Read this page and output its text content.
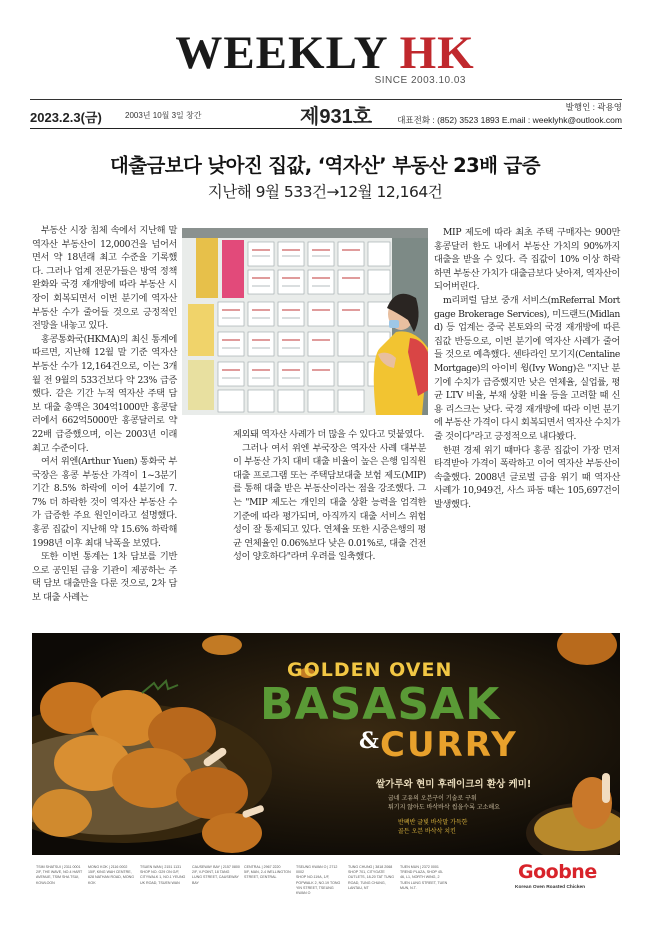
WEEKLY HK
SINCE 2003.10.03
2023.2.3(금)	2003년 10월 3일 창간	제931호	발행인 : 곽용영
대표전화 : (852) 3523 1893 E.mail : weeklyhk@outlook.com
대출금보다 낮아진 집값, ‘역자산’ 부동산 23배 급증
지난해 9월 533건→12월 12,164건

부동산 시장 침체 속에서 지난해 말 역자산 부동산이 12,000건을 넘어서면서 약 18년래 최고 수준을 기록했다. 그러나 업계 전문가들은 방역 정책 완화와 국경 재개방에 따라 부동산 시장이 회복되면서 이번 분기에 역자산 부동산 수가 줄어들 것으로 긍정적인 전망을 내놓고 있다.

홍콩통화국(HKMA)의 최신 통계에 따르면, 지난해 12월 말 기준 역자산 부동산 수가 12,164건으로, 이는 3개월 전 9월의 533건보다 약 23% 급증했다. 같은 기간 누적 역자산 주택 담보 대출 총액은 304억1000만 홍콩달러에서 662억5000만 홍콩달러로 약 22배 급증했으며, 이는 2003년 이래 최고 수준이다.

여서 위엔(Arthur Yuen) 통화국 부국장은 홍콩 부동산 가격이 1~3분기 기간 8.5% 하락에 이어 4분기에 7.7% 더 하락한 것이 역자산 부동산 수가 급증한 주요 원인이라고 설명했다. 홍콩 집값이 지난해 약 15.6% 하락해 1998년 이후 최대 낙폭을 보였다.

또한 이번 통계는 1차 담보를 기반으로 공인된 금융 기관이 제공하는 주택 담보 대출만을 다룬 것으로, 2차 담보 대출 사례는

제외돼 역자산 사례가 더 많을 수 있다고 덧붙였다.

그러나 여서 위엔 부국장은 역자산 사례 대부분이 부동산 가치 대비 대출 비율이 높은 은행 임직원 대출 프로그램 또는 주택담보대출 보험 제도(MIP)를 통해 대출 받은 부동산이라는 점을 강조했다. 그는 "MIP 제도는 개인의 대출 상환 능력을 엄격한 기준에 따라 평가되며, 아직까지 대출 서비스 위험성이 잘 통제되고 있다. 연체율 또한 시중은행의 평균 연체율인 0.06%보다 낮은 0.01%로, 대출 건전성이 양호하다"라며 우려를 일축했다.

MIP 제도에 따라 최초 주택 구매자는 900만 홍콩달러 한도 내에서 부동산 가치의 90%까지 대출을 받을 수 있다. 즉 집값이 10% 이상 하락하면 부동산 가치가 대출금보다 낮아져, 역자산이 되어버린다.

m리퍼럴 담보 중개 서비스(mReferral Mortgage Brokerage Services), 미드랜드(Midland) 등 업계는 중국 본토와의 국경 재개방에 따른 집값 반등으로, 이번 분기에 역자산 사례가 줄어들 것으로 예측했다. 센타라인 모기지(Centaline Mortgage)의 아이비 윙(Ivy Wong)은 "지난 분기에 수치가 급증했지만 낮은 연체율, 실업률, 평균 LTV 비율, 부채 상환 비율 등을 고려할 때 신용 리스크는 낮다. 국경 재개방에 따라 이번 분기에 부동산 가격이 다시 회복되면서 역자산 수치가 줄 것이다"라고 긍정적으로 내다봤다.

한편 경제 위기 때마다 홍콩 집값이 가장 먼저 타격받아 가격이 폭락하고 이어 역자산 부동산이 속출했다. 2008년 글로벌 금융 위기 때 역자산 사례가 10,949건, 사스 파동 때는 105,697건이 발생했다.

GOLDEN OVEN
BASASAK
& CURRY
쌀가루와 현미 후레이크의 환상 케미!
굽네 고유의 오븐구이 기술로 구워
튀기지 않아도 바삭바삭 씹을수록 고소해요
반팩반 글빛 바삭말 가득한
골든 오븐 바삭삭 치킨
TSIM SHATSUI | 2311 0001
2/F, THE WAVE, NO.4 HART AVENUE, TSIM SHA TSUI, KOWLOON
MONG KOK | 2116 0002
15/F, KING WAH CENTRE, 628 NATHAN ROAD, MONG KOK
TSUEN WAN | 2151 1131
SHOP NO. G29 ON G/F, CITYWALK 1, NO.1 YEUNG UK ROAD, TSUEN WAN
CAUSEWAY BAY | 2157 0800
2/F, V-POINT, 18 TANG LUNG STREET, CAUSEWAY BAY
CENTRAL | 2967 2220
5/F, MAN, 2-4 WELLINGTON STREET, CENTRAL
TSEUNG KWAN O | 2712 0002
SHOP NO.119A, 1/F, POPWALK 2, NO.19 TONG YIN STREET, TSEUNG KWAN O
TUNG CHUNG | 3818 2068
SHOP 701, CITYGATE OUTLETS, 18-20 TAT TUNG ROAD, TUNG CHUNG, LANTAU, NT
TUEN MUN | 2372 0001
TREND PLAZA, SHOP 45-46, L1, NORTH WING, 2 TUEN LUNG STREET, TUEN MUN, N.T.
Goobne
Korean Oven Roasted Chicken
